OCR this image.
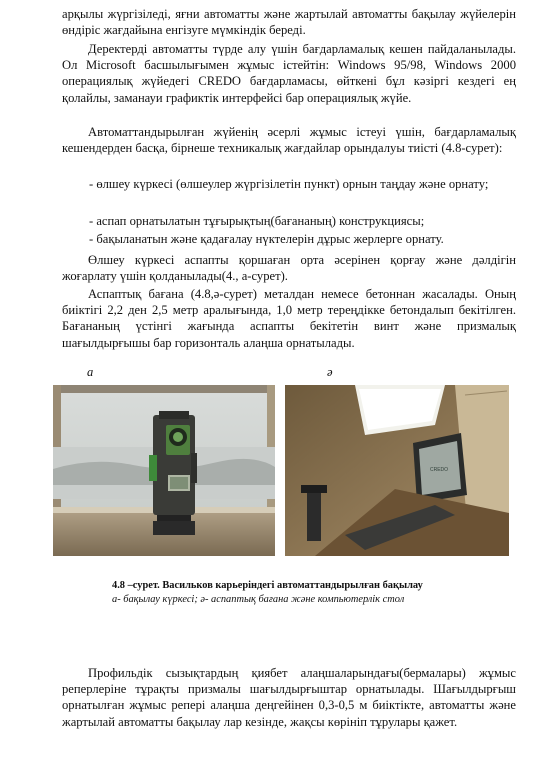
арқылы жүргізіледі, яғни автоматты және жартылай автоматты бақылау жүйелерін өндіріс жағдайына енгізуге мүмкіндік береді.

Деректерді автоматты түрде алу үшін бағдарламалық кешен пайдаланылады. Ол Microsoft басшылығымен жұмыс істейтін: Windows 95/98, Windows 2000 операциялық жүйедегі CREDO бағдарламасы, өйткені бұл кәзіргі кездегі ең қолайлы, заманауи графиктік интерфейсі бар операциялық жүйе.

Автоматтандырылған жүйенің әсерлі жұмыс істеуі үшін, бағдарламалық кешендерден басқа, бірнеше техникалық жағдайлар орындалуы тиісті (4.8-сурет):

- өлшеу күркесі (өлшеулер жүргізілетін пункт) орнын таңдау және орнату;

- аспап орнатылатын тұғырықтың(бағананың) конструкциясы;

- бақыланатын және қадағалау нүктелерін дұрыс жерлерге орнату.

Өлшеу күркесі аспапты қоршаған орта әсерінен қорғау және дәлдігін жоғарлату үшін қолданылады(4., а-сурет).

Аспаптық бағана (4.8,ә-сурет) металдан немесе бетоннан жасалады. Оның биіктігі 2,2 ден 2,5 метр аралығында, 1,0 метр тереңдікке бетондалып бекітілген. Бағананың үстінгі жағында аспапты бекітетін винт және призмалық шағылдырғышы бар горизонталь алаңша орнатылады.

а	ә
CREDO
4.8 –сурет. Васильков карьеріндегі автоматтандырылған бақылау
а- бақылау күркесі; ә- аспаптық бағана және компьютерлік стол

Профильдік сызықтардың қиябет алаңшаларындағы(бермалары) жұмыс реперлеріне тұрақты призмалы шағылдырғыштар орнатылады. Шағылдырғыш орнатылған жұмыс репері алаңша деңгейінен 0,3-0,5 м биіктікте, автоматты және жартылай автоматты бақылау лар кезінде, жақсы көрініп тұрулары қажет.
